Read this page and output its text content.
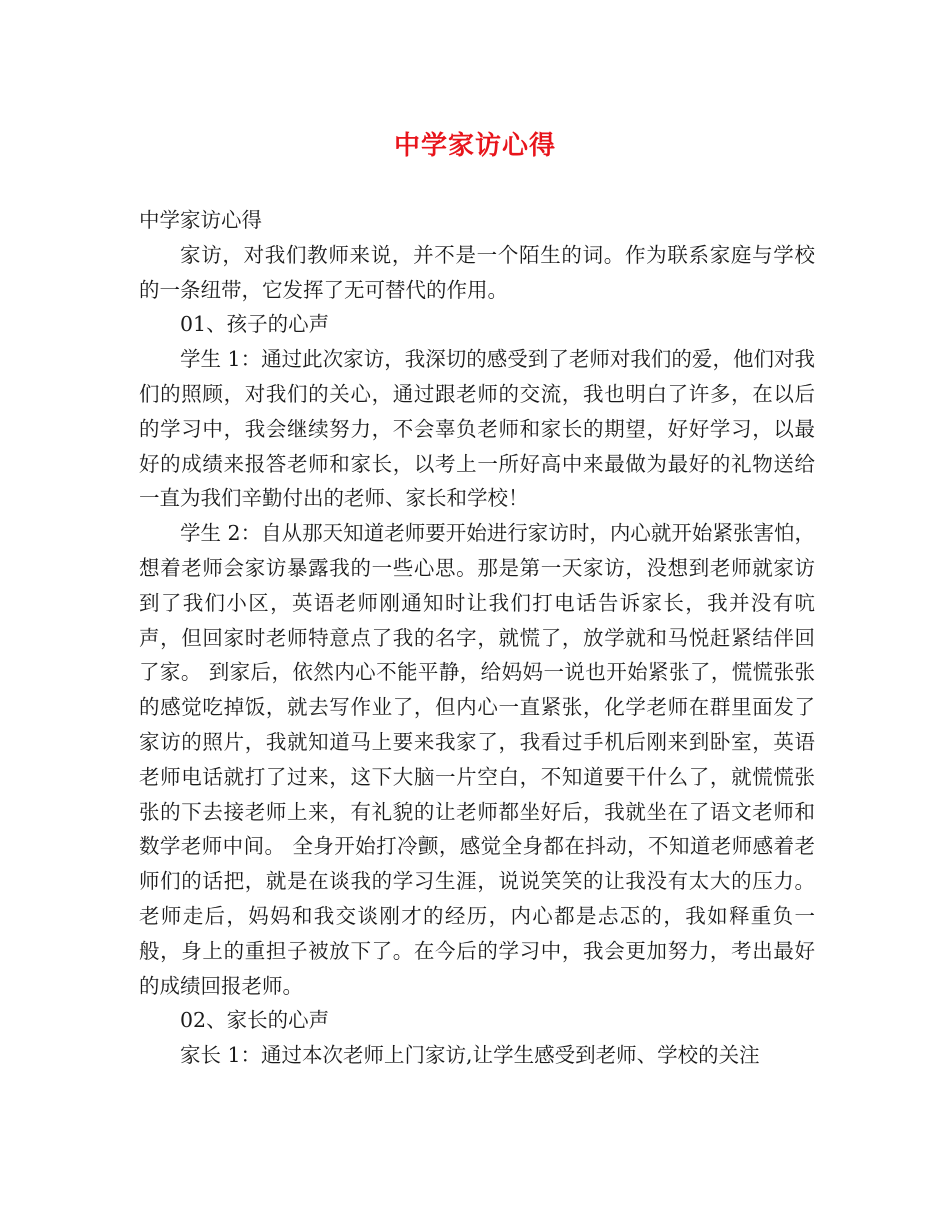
中学家访心得

中学家访心得

家访，对我们教师来说，并不是一个陌生的词。作为联系家庭与学校的一条纽带，它发挥了无可替代的作用。

01、孩子的心声

学生 1：通过此次家访，我深切的感受到了老师对我们的爱，他们对我们的照顾，对我们的关心，通过跟老师的交流，我也明白了许多，在以后的学习中，我会继续努力，不会辜负老师和家长的期望，好好学习，以最好的成绩来报答老师和家长，以考上一所好高中来最做为最好的礼物送给一直为我们辛勤付出的老师、家长和学校！

学生 2：自从那天知道老师要开始进行家访时，内心就开始紧张害怕，想着老师会家访暴露我的一些心思。那是第一天家访，没想到老师就家访到了我们小区，英语老师刚通知时让我们打电话告诉家长，我并没有吭声，但回家时老师特意点了我的名字，就慌了，放学就和马悦赶紧结伴回了家。 到家后，依然内心不能平静，给妈妈一说也开始紧张了，慌慌张张的感觉吃掉饭，就去写作业了，但内心一直紧张，化学老师在群里面发了家访的照片，我就知道马上要来我家了，我看过手机后刚来到卧室，英语老师电话就打了过来，这下大脑一片空白，不知道要干什么了，就慌慌张张的下去接老师上来，有礼貌的让老师都坐好后，我就坐在了语文老师和数学老师中间。 全身开始打冷颤，感觉全身都在抖动，不知道老师感着老师们的话把，就是在谈我的学习生涯，说说笑笑的让我没有太大的压力。 老师走后，妈妈和我交谈刚才的经历，内心都是忐忑的，我如释重负一般，身上的重担子被放下了。在今后的学习中，我会更加努力，考出最好的成绩回报老师。

02、家长的心声

家长 1：通过本次老师上门家访,让学生感受到老师、学校的关注
